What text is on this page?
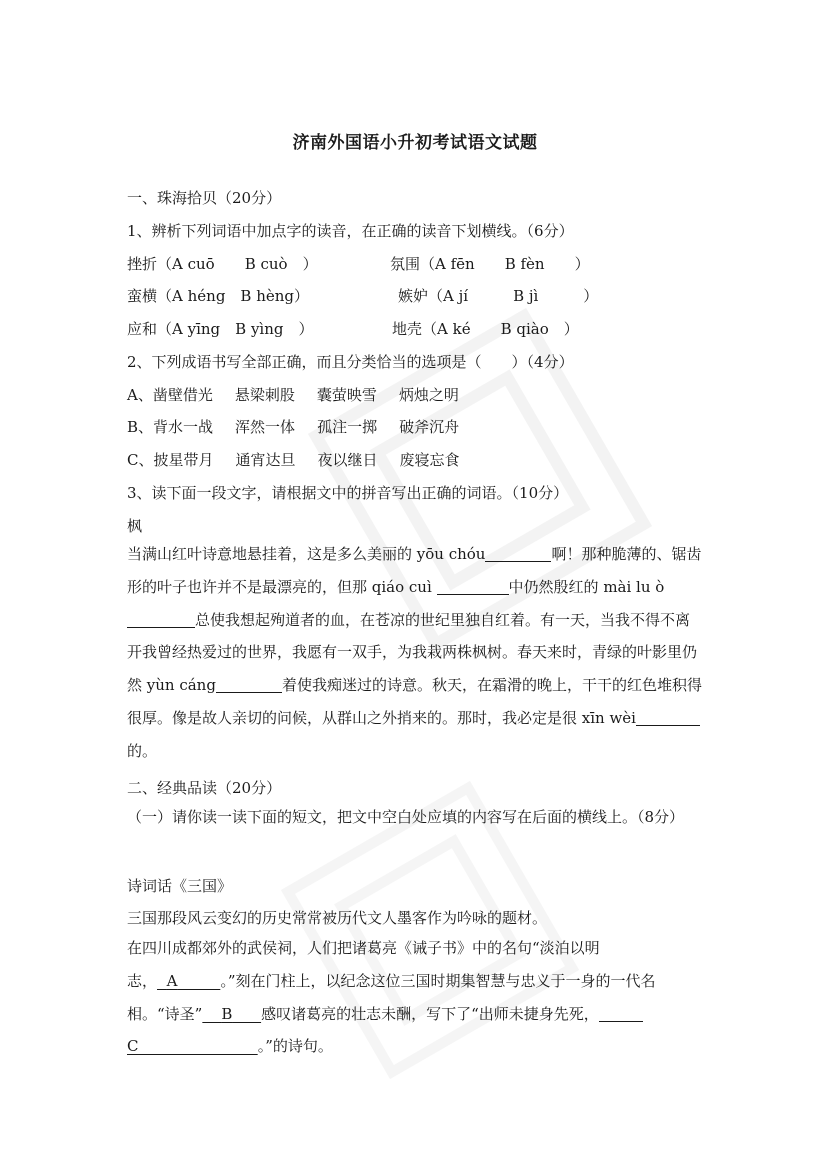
济南外国语小升初考试语文试题
一、珠海拾贝（20分）
1、辨析下列词语中加点字的读音，在正确的读音下划横线。（6分）
挫折（A cuō　　B cuò　）	氛围（A fēn　　B fèn　　）
蛮横（A héng　B hèng）	嫉妒（A jí　　　B jì　　　）
应和（A yīng　B yìng　）	地壳（A ké　　B qiào　）
2、下列成语书写全部正确，而且分类恰当的选项是（　　）（4分）
A、凿壁借光 悬梁刺股 囊萤映雪 炳烛之明
B、背水一战 浑然一体 孤注一掷 破斧沉舟
C、披星带月 通宵达旦 夜以继日 废寝忘食
3、读下面一段文字，请根据文中的拼音写出正确的词语。（10分）
枫
当满山红叶诗意地悬挂着，这是多么美丽的 yōu chóu	啊！那种脆薄的、锯齿形的叶子也许并不是最漂亮的，但那 qiáo cuì	中仍然殷红的 mài lu ò总使我想起殉道者的血，在苍凉的世纪里独自红着。有一天，当我不得不离开我曾经热爱过的世界，我愿有一双手，为我栽两株枫树。春天来时，青绿的叶影里仍然 yùn cáng	着使我痴迷过的诗意。秋天，在霜滑的晚上，干干的红色堆积得很厚。像是故人亲切的问候，从群山之外捎来的。那时，我必定是很 xīn wèi的。
二、经典品读（20分）
（一）请你读一读下面的短文，把文中空白处应填的内容写在后面的横线上。（8分）
诗词话《三国》
三国那段风云变幻的历史常常被历代文人墨客作为吟咏的题材。
在四川成都郊外的武侯祠，人们把诸葛亮《诫子书》中的名句“淡泊以明志， A	。”刻在门柱上，以纪念这位三国时期集智慧与忠义于一身的一代名相。“诗圣” B 感叹诸葛亮的壮志未酬，写下了“出师未捷身先死，C	。”的诗句。
